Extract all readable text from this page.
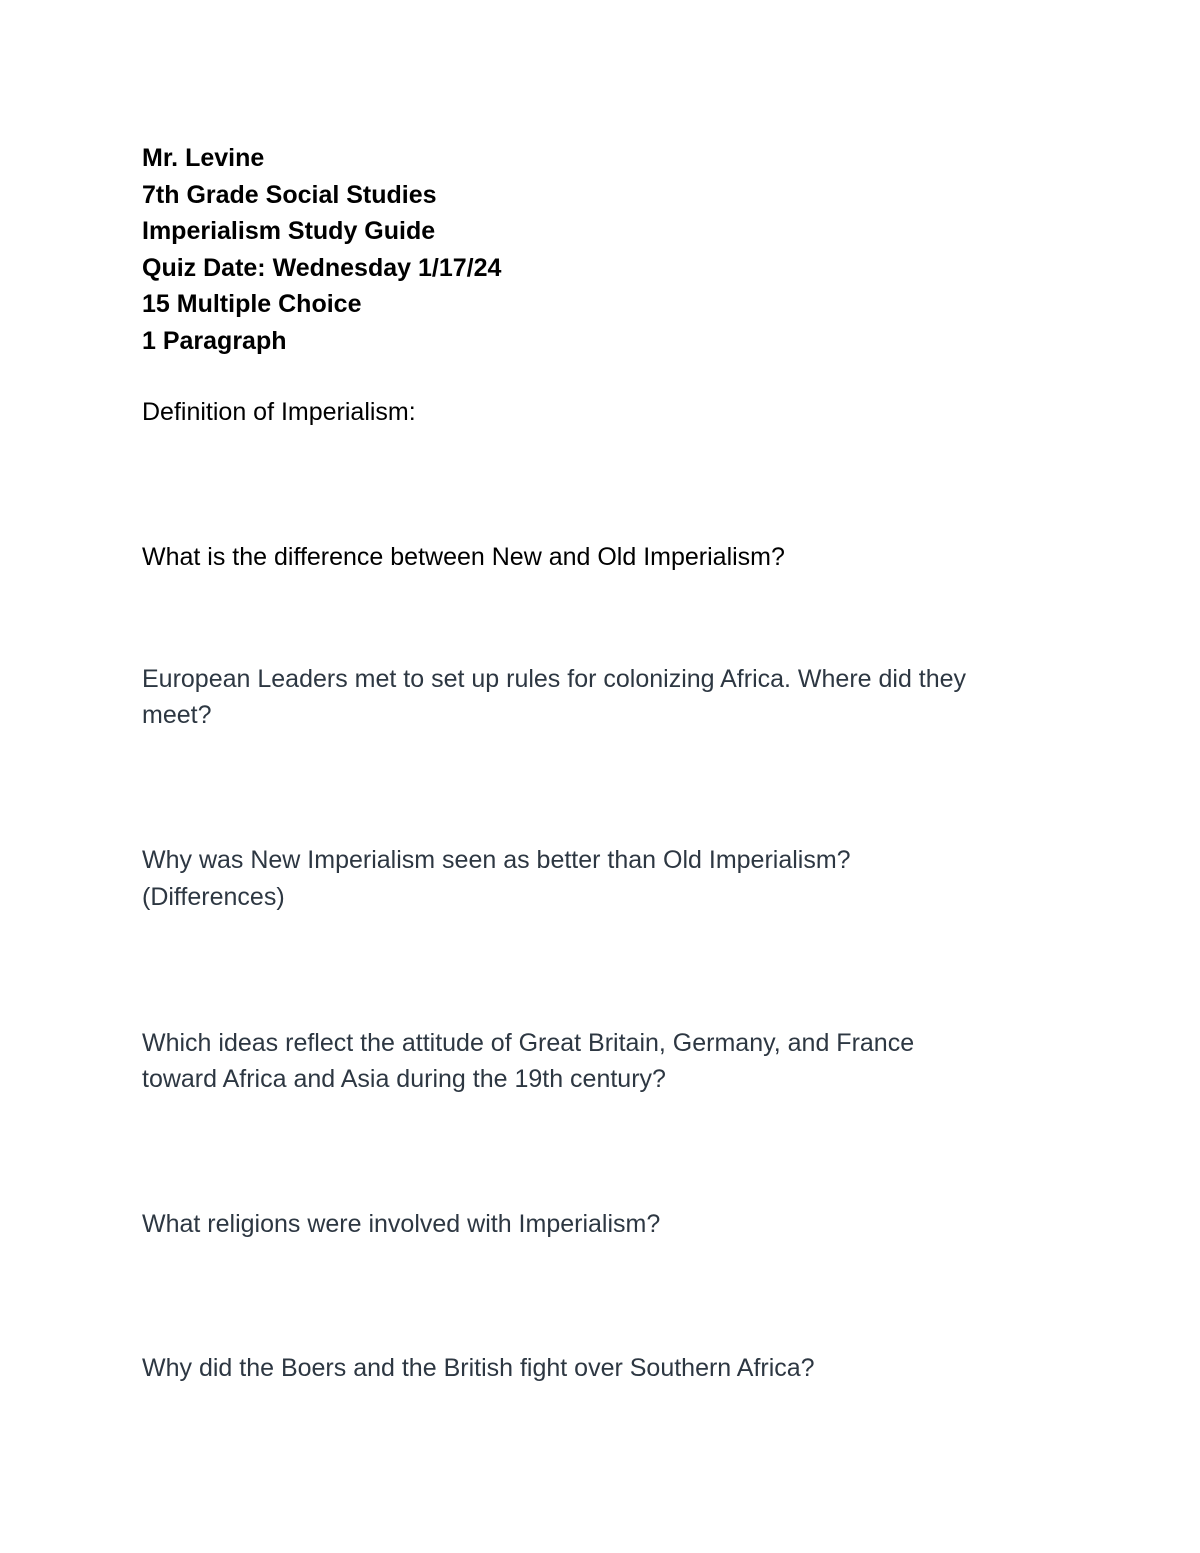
Mr. Levine
7th Grade Social Studies
Imperialism Study Guide
Quiz Date: Wednesday 1/17/24
15 Multiple Choice
1 Paragraph
Definition of Imperialism:
What is the difference between New and Old Imperialism?
European Leaders met to set up rules for colonizing Africa. Where did they
meet?
Why was New Imperialism seen as better than Old Imperialism?
(Differences)
Which ideas reflect the attitude of Great Britain, Germany, and France
toward Africa and Asia during the 19th century?
What religions were involved with Imperialism?
Why did the Boers and the British fight over Southern Africa?
